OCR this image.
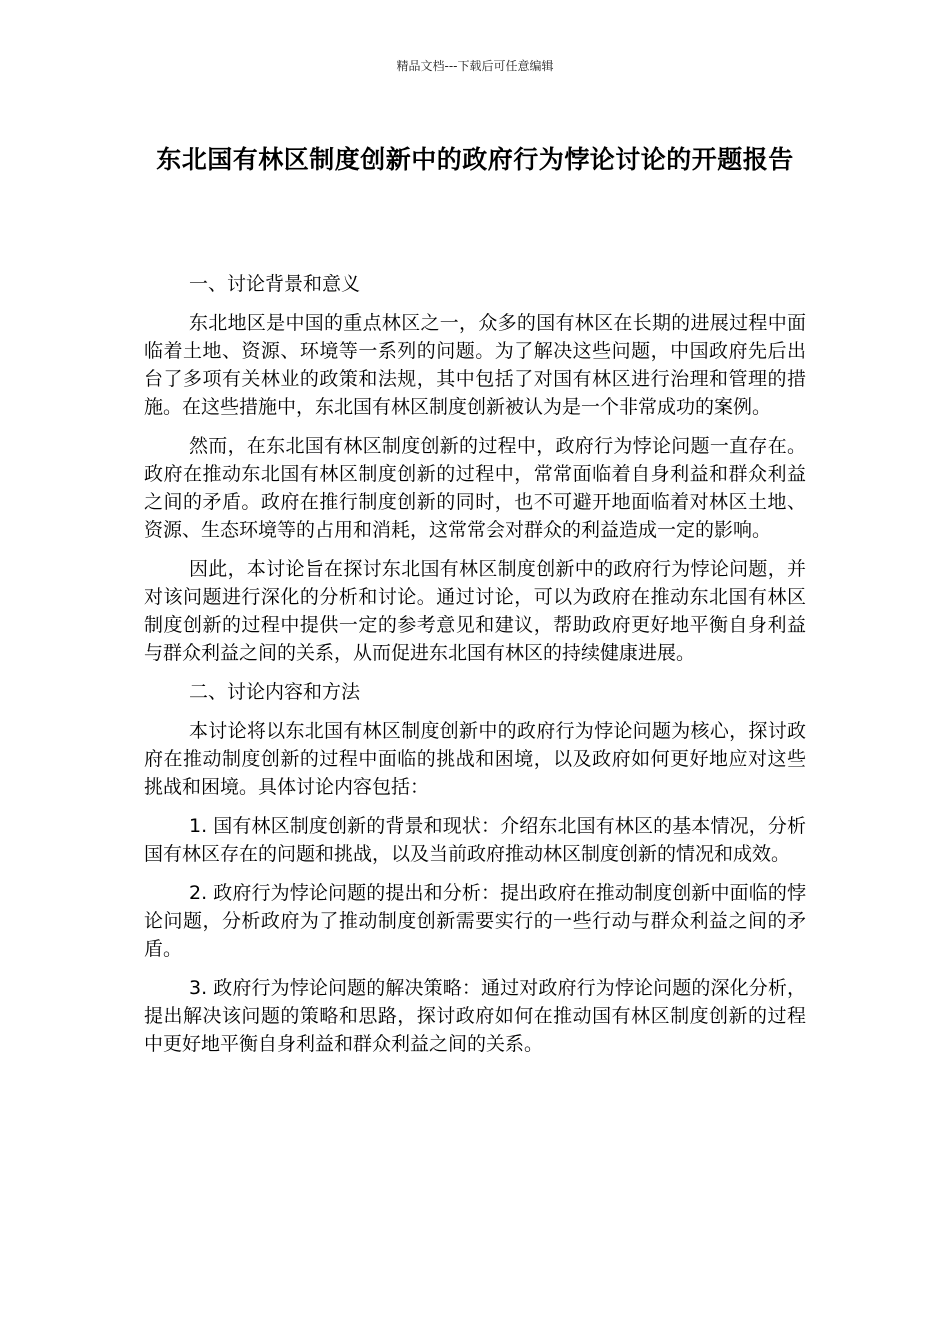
精品文档---下载后可任意编辑
东北国有林区制度创新中的政府行为悖论讨论的开题报告

一、讨论背景和意义

东北地区是中国的重点林区之一，众多的国有林区在长期的进展过程中面临着土地、资源、环境等一系列的问题。为了解决这些问题，中国政府先后出台了多项有关林业的政策和法规，其中包括了对国有林区进行治理和管理的措施。在这些措施中，东北国有林区制度创新被认为是一个非常成功的案例。

然而，在东北国有林区制度创新的过程中，政府行为悖论问题一直存在。政府在推动东北国有林区制度创新的过程中，常常面临着自身利益和群众利益之间的矛盾。政府在推行制度创新的同时，也不可避开地面临着对林区土地、资源、生态环境等的占用和消耗，这常常会对群众的利益造成一定的影响。

因此，本讨论旨在探讨东北国有林区制度创新中的政府行为悖论问题，并对该问题进行深化的分析和讨论。通过讨论，可以为政府在推动东北国有林区制度创新的过程中提供一定的参考意见和建议，帮助政府更好地平衡自身利益与群众利益之间的关系，从而促进东北国有林区的持续健康进展。

二、讨论内容和方法

本讨论将以东北国有林区制度创新中的政府行为悖论问题为核心，探讨政府在推动制度创新的过程中面临的挑战和困境，以及政府如何更好地应对这些挑战和困境。具体讨论内容包括：

1. 国有林区制度创新的背景和现状：介绍东北国有林区的基本情况，分析国有林区存在的问题和挑战，以及当前政府推动林区制度创新的情况和成效。

2. 政府行为悖论问题的提出和分析：提出政府在推动制度创新中面临的悖论问题，分析政府为了推动制度创新需要实行的一些行动与群众利益之间的矛盾。

3. 政府行为悖论问题的解决策略：通过对政府行为悖论问题的深化分析，提出解决该问题的策略和思路，探讨政府如何在推动国有林区制度创新的过程中更好地平衡自身利益和群众利益之间的关系。
